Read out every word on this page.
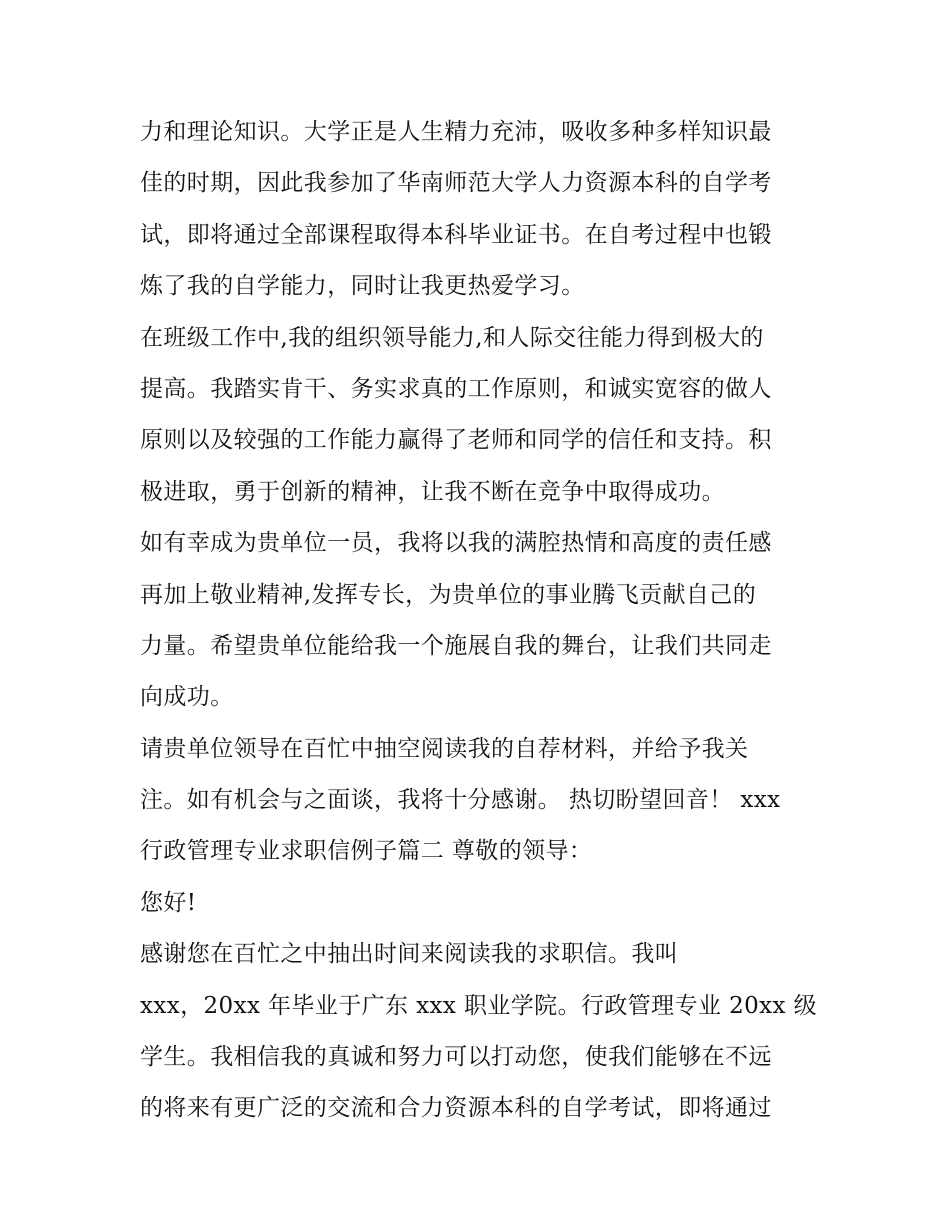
力和理论知识。大学正是人生精力充沛，吸收多种多样知识最
佳的时期，因此我参加了华南师范大学人力资源本科的自学考
试，即将通过全部课程取得本科毕业证书。在自考过程中也锻
炼了我的自学能力，同时让我更热爱学习。
在班级工作中,我的组织领导能力,和人际交往能力得到极大的
提高。我踏实肯干、务实求真的工作原则，和诚实宽容的做人
原则以及较强的工作能力赢得了老师和同学的信任和支持。积
极进取，勇于创新的精神，让我不断在竞争中取得成功。
如有幸成为贵单位一员，我将以我的满腔热情和高度的责任感
再加上敬业精神,发挥专长，为贵单位的事业腾飞贡献自己的
力量。希望贵单位能给我一个施展自我的舞台，让我们共同走
向成功。
请贵单位领导在百忙中抽空阅读我的自荐材料，并给予我关
注。如有机会与之面谈，我将十分感谢。 热切盼望回音！ xxx
行政管理专业求职信例子篇二 尊敬的领导：
您好!
感谢您在百忙之中抽出时间来阅读我的求职信。我叫
xxx，20xx 年毕业于广东 xxx 职业学院。行政管理专业 20xx 级
学生。我相信我的真诚和努力可以打动您，使我们能够在不远
的将来有更广泛的交流和合力资源本科的自学考试，即将通过
